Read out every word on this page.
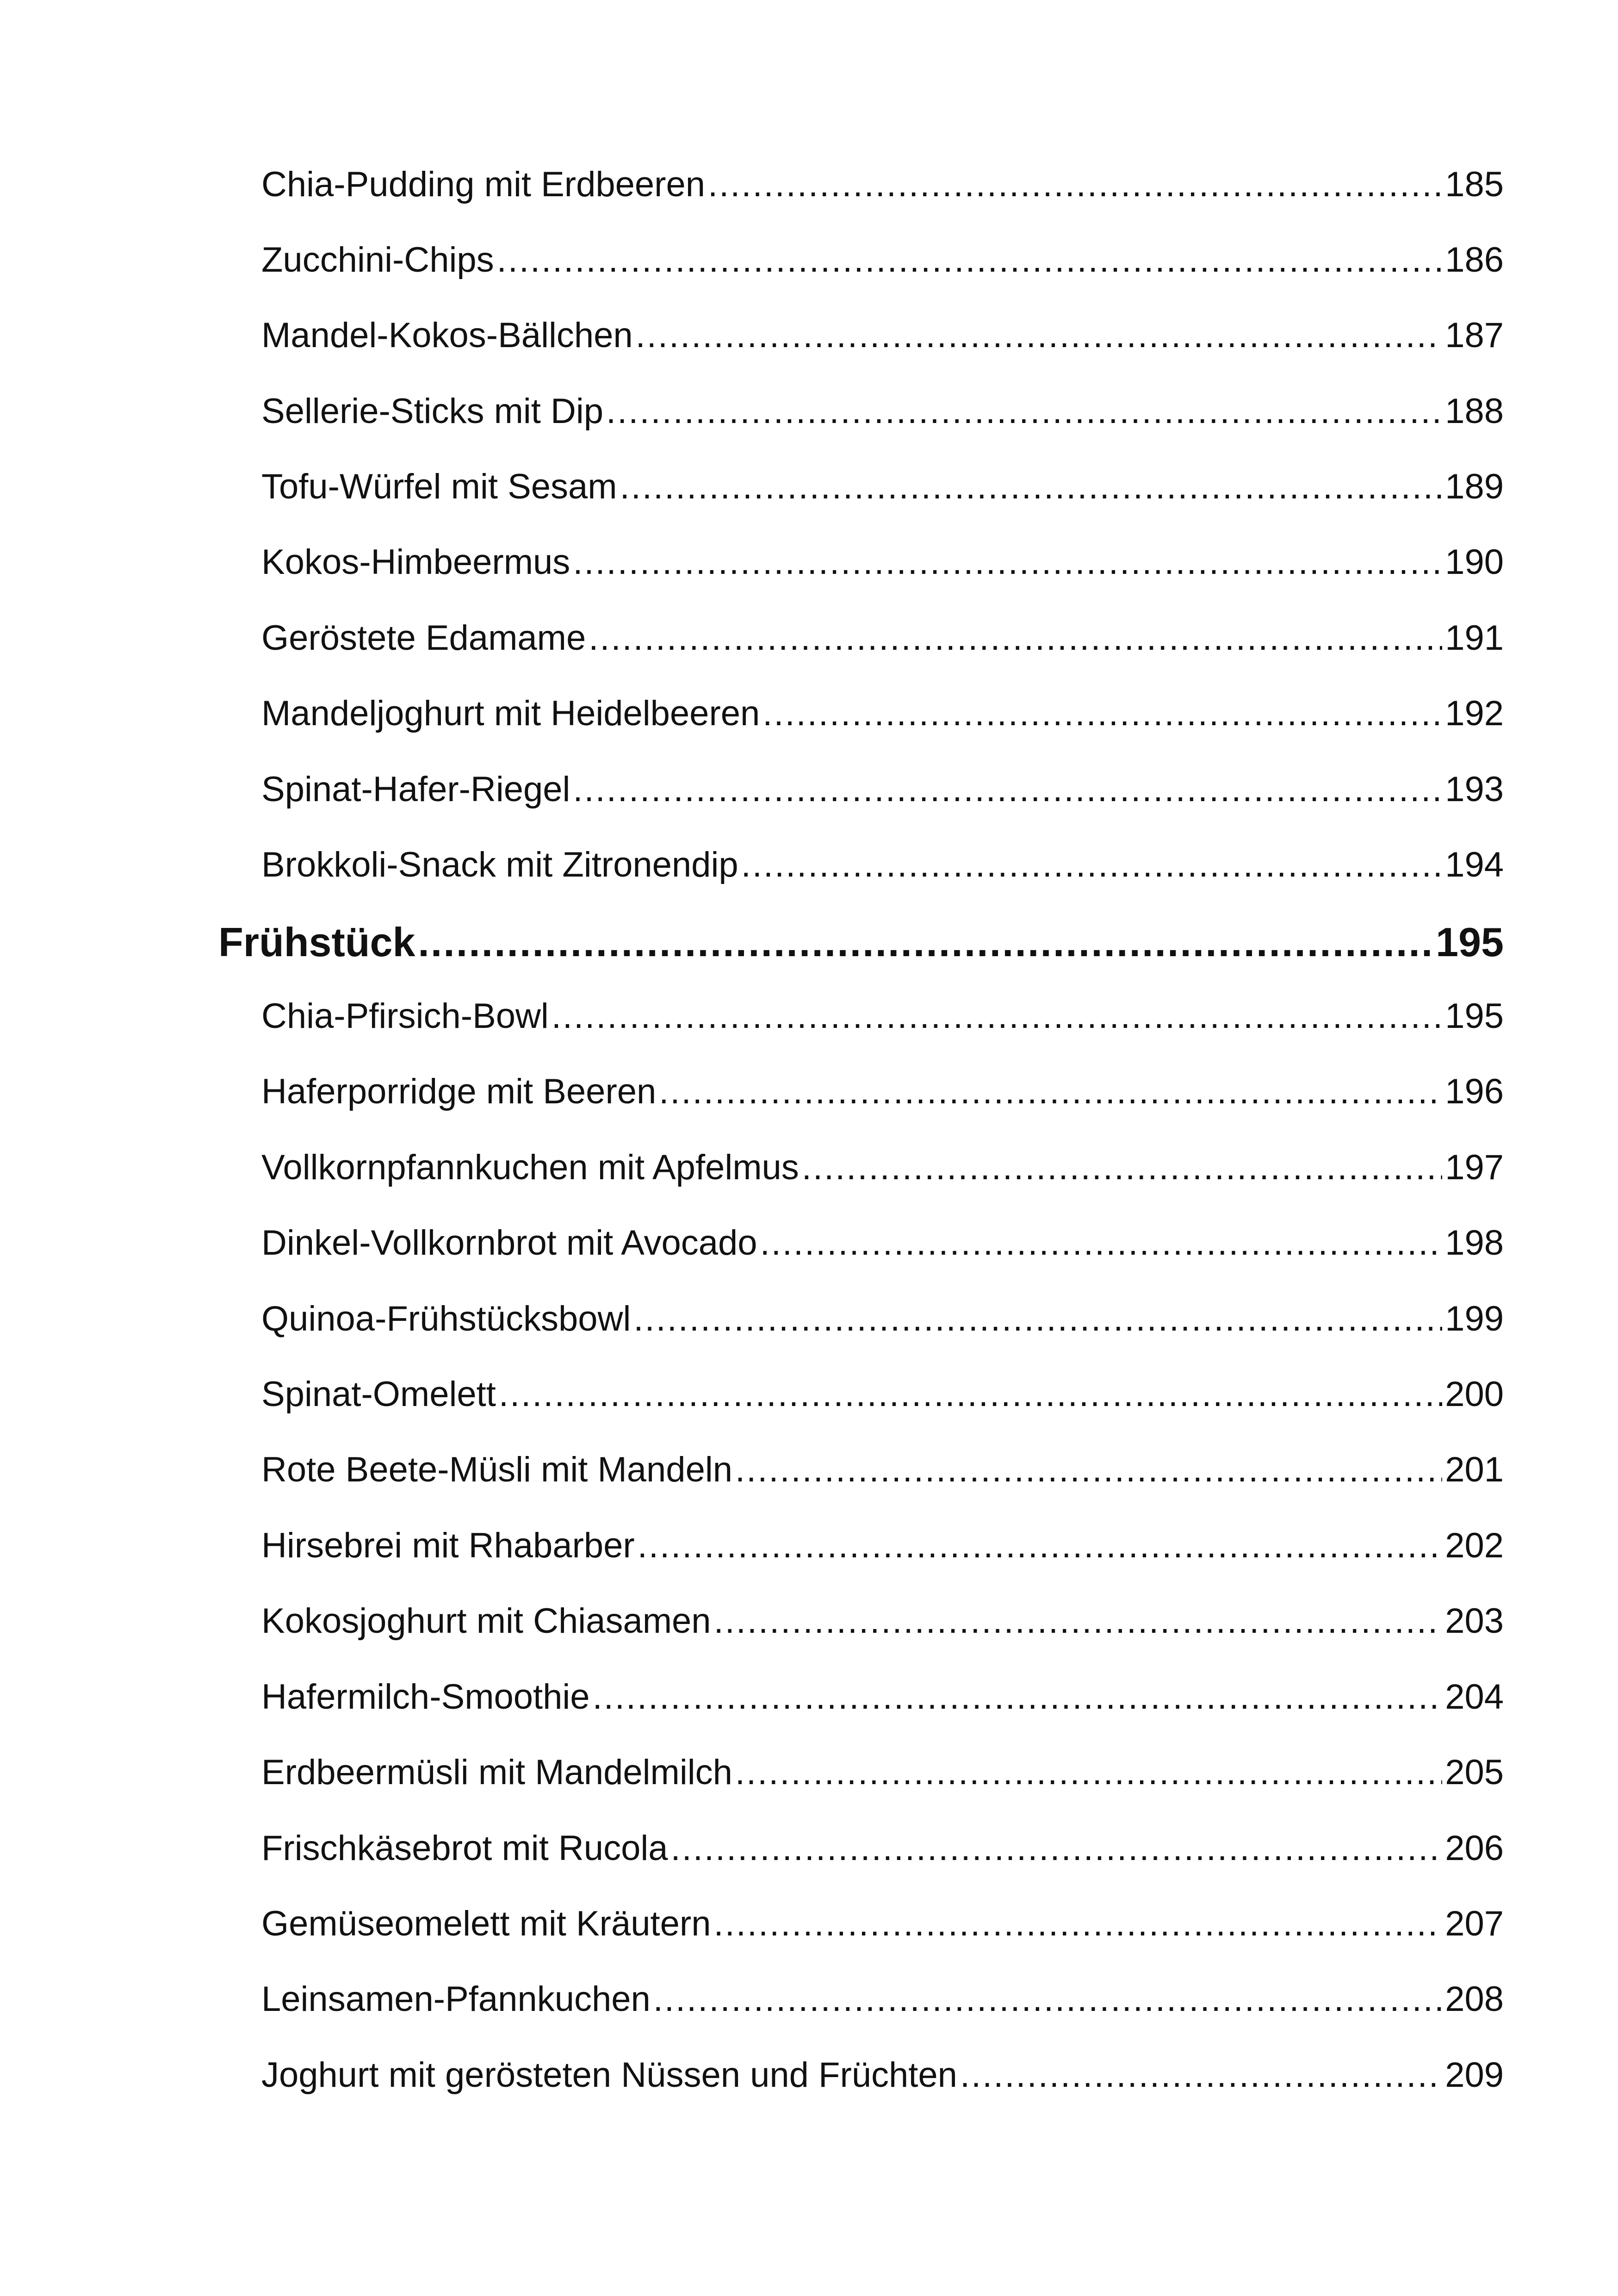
Chia-Pudding mit Erdbeeren .....	185
Zucchini-Chips .....	186
Mandel-Kokos-Bällchen .....	187
Sellerie-Sticks mit Dip .....	188
Tofu-Würfel mit Sesam .....	189
Kokos-Himbeermus .....	190
Geröstete Edamame .....	191
Mandeljoghurt mit Heidelbeeren .....	192
Spinat-Hafer-Riegel .....	193
Brokkoli-Snack mit Zitronendip .....	194
Frühstück .....	195
Chia-Pfirsich-Bowl .....	195
Haferporridge mit Beeren .....	196
Vollkornpfannkuchen mit Apfelmus .....	197
Dinkel-Vollkornbrot mit Avocado .....	198
Quinoa-Frühstücksbowl .....	199
Spinat-Omelett .....	200
Rote Beete-Müsli mit Mandeln .....	201
Hirsebrei mit Rhabarber .....	202
Kokosjoghurt mit Chiasamen .....	203
Hafermilch-Smoothie .....	204
Erdbeermüsli mit Mandelmilch .....	205
Frischkäsebrot mit Rucola .....	206
Gemüseomelett mit Kräutern .....	207
Leinsamen-Pfannkuchen .....	208
Joghurt mit gerösteten Nüssen und Früchten .....	209
